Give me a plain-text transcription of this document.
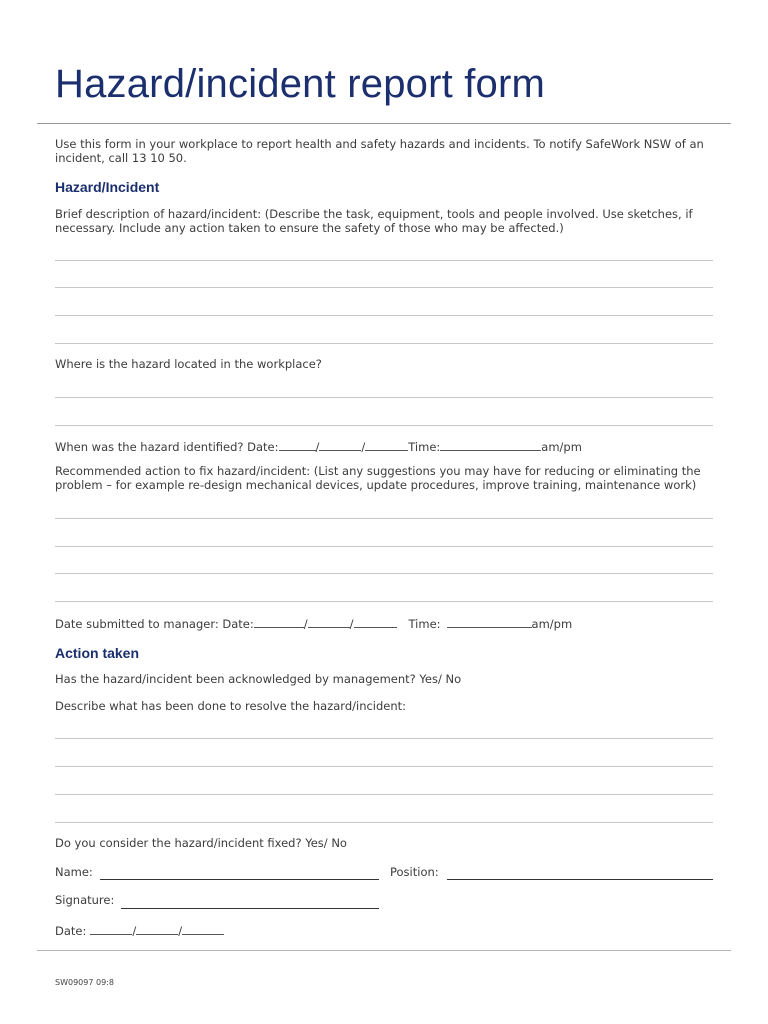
Hazard/incident report form
Use this form in your workplace to report health and safety hazards and incidents. To notify SafeWork NSW of an incident, call 13 10 50.
Hazard/Incident
Brief description of hazard/incident: (Describe the task, equipment, tools and people involved. Use sketches, if necessary. Include any action taken to ensure the safety of those who may be affected.)
Where is the hazard located in the workplace?
When was the hazard identified? Date:	/	/	Time:	am/pm
Recommended action to fix hazard/incident: (List any suggestions you may have for reducing or eliminating the problem – for example re-design mechanical devices, update procedures, improve training, maintenance work)
Date submitted to manager: Date:	/	/	Time:	am/pm
Action taken
Has the hazard/incident been acknowledged by management? Yes/ No
Describe what has been done to resolve the hazard/incident:
Do you consider the hazard/incident fixed? Yes/ No
Name:	Position:
Signature:
Date:	/	/
SW09097 09:8
